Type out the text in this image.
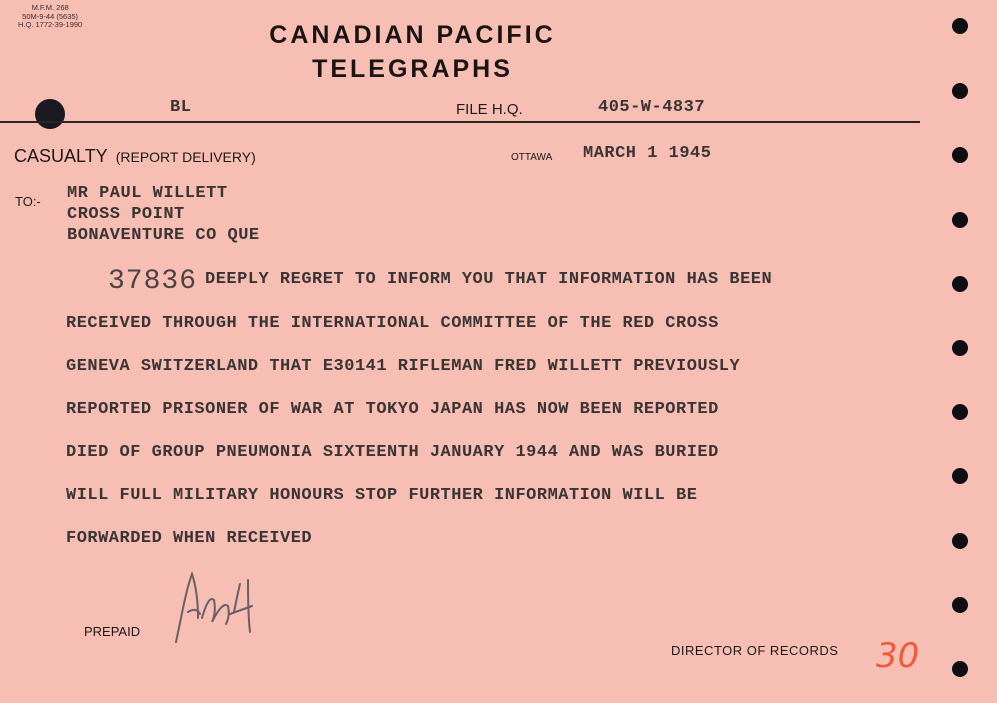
M.F.M. 268
50M-9-44 (5635)
H.Q. 1772-39-1990	CANADIAN PACIFIC
TELEGRAPHS
BL	FILE H.Q.	405-W-4837
CASUALTY (REPORT DELIVERY)	OTTAWA MARCH 1 1945
TO:- MR PAUL WILLETT
CROSS POINT
BONAVENTURE CO QUE
37836 DEEPLY REGRET TO INFORM YOU THAT INFORMATION HAS BEEN
RECEIVED THROUGH THE INTERNATIONAL COMMITTEE OF THE RED CROSS
GENEVA SWITZERLAND THAT E30141 RIFLEMAN FRED WILLETT PREVIOUSLY
REPORTED PRISONER OF WAR AT TOKYO JAPAN HAS NOW BEEN REPORTED
DIED OF GROUP PNEUMONIA SIXTEENTH JANUARY 1944 AND WAS BURIED
WILL FULL MILITARY HONOURS STOP FURTHER INFORMATION WILL BE
FORWARDED WHEN RECEIVED
PREPAID
DIRECTOR OF RECORDS 30
